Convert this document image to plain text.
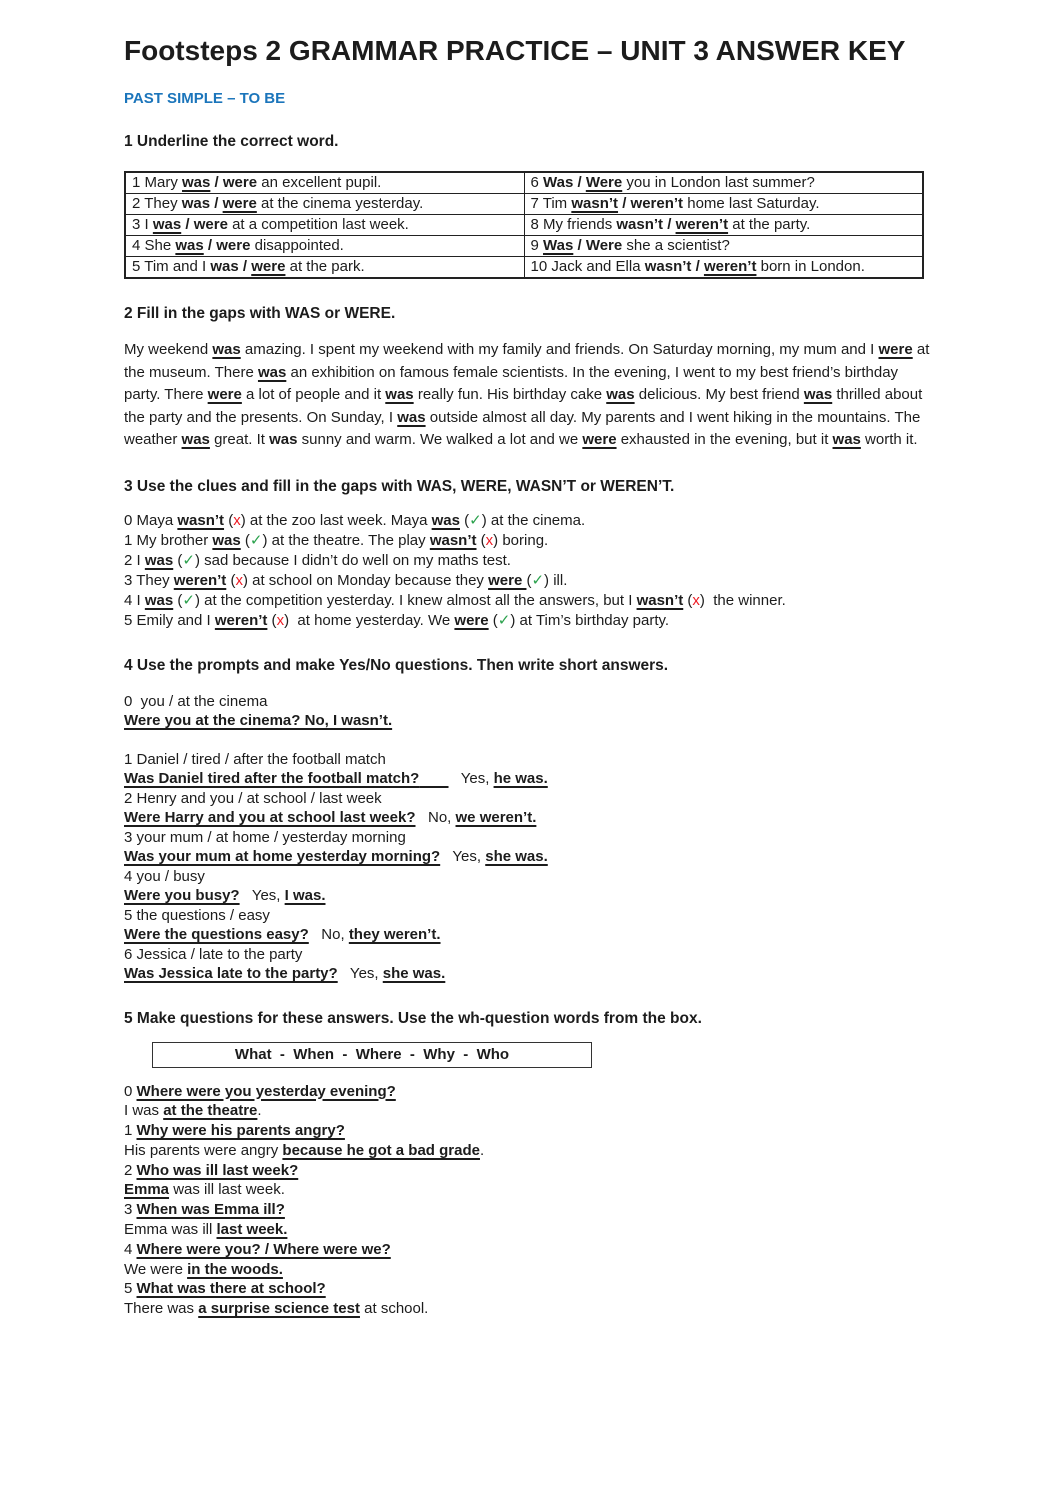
Footsteps 2 GRAMMAR PRACTICE – UNIT 3 ANSWER KEY
PAST SIMPLE – TO BE
1 Underline the correct word.
1 Mary was / were an excellent pupil.	6 Was / Were you in London last summer?
2 They was / were at the cinema yesterday.	7 Tim wasn’t / weren’t home last Saturday.
3 I was / were at a competition last week.	8 My friends wasn’t / weren’t at the party.
4 She was / were disappointed.	9 Was / Were she a scientist?
5 Tim and I was / were at the park.	10 Jack and Ella wasn’t / weren’t born in London.
2 Fill in the gaps with WAS or WERE.
My weekend was amazing. I spent my weekend with my family and friends. On Saturday morning, my mum and I were at the museum. There was an exhibition on famous female scientists. In the evening, I went to my best friend’s birthday party. There were a lot of people and it was really fun. His birthday cake was delicious. My best friend was thrilled about the party and the presents. On Sunday, I was outside almost all day. My parents and I went hiking in the mountains. The weather was great. It was sunny and warm. We walked a lot and we were exhausted in the evening, but it was worth it.
3 Use the clues and fill in the gaps with WAS, WERE, WASN’T or WEREN’T.
0 Maya wasn’t (x) at the zoo last week. Maya was (✓) at the cinema.
1 My brother was (✓) at the theatre. The play wasn’t (x) boring.
2 I was (✓) sad because I didn’t do well on my maths test.
3 They weren’t (x) at school on Monday because they were (✓) ill.
4 I was (✓) at the competition yesterday. I knew almost all the answers, but I wasn’t (x)  the winner.
5 Emily and I weren’t (x)  at home yesterday. We were (✓) at Tim’s birthday party.
4 Use the prompts and make Yes/No questions. Then write short answers.
0  you / at the cinema
Were you at the cinema? No, I wasn’t.
1 Daniel / tired / after the football match
Was Daniel tired after the football match?          Yes, he was.
2 Henry and you / at school / last week
Were Harry and you at school last week?   No, we weren’t.
3 your mum / at home / yesterday morning
Was your mum at home yesterday morning?   Yes, she was.
4 you / busy
Were you busy?   Yes, I was.
5 the questions / easy
Were the questions easy?   No, they weren’t.
6 Jessica / late to the party
Was Jessica late to the party?   Yes, she was.
5 Make questions for these answers. Use the wh-question words from the box.
What  -  When  -  Where  -  Why  -  Who
0 Where were you yesterday evening?
I was at the theatre.
1 Why were his parents angry?
His parents were angry because he got a bad grade.
2 Who was ill last week?
Emma was ill last week.
3 When was Emma ill?
Emma was ill last week.
4 Where were you? / Where were we?
We were in the woods.
5 What was there at school?
There was a surprise science test at school.
